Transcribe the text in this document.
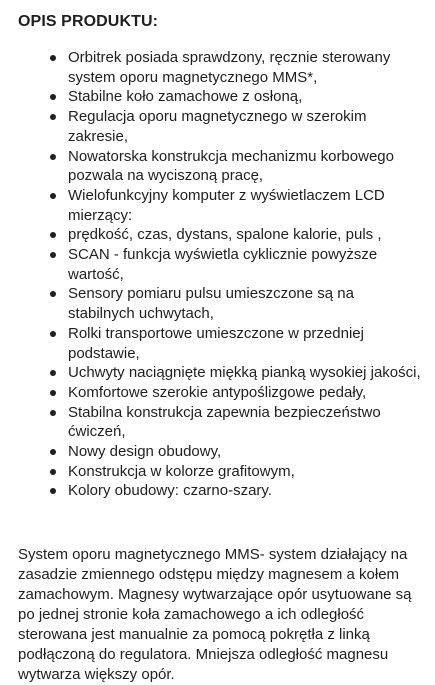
OPIS PRODUKTU:
Orbitrek posiada sprawdzony, ręcznie sterowany system oporu magnetycznego MMS*,
Stabilne koło zamachowe z osłoną,
Regulacja oporu magnetycznego w szerokim zakresie,
Nowatorska konstrukcja mechanizmu korbowego pozwala na wyciszoną pracę,
Wielofunkcyjny komputer z wyświetlaczem LCD mierzący:
prędkość, czas, dystans, spalone kalorie, puls ,
SCAN - funkcja wyświetla cyklicznie powyższe wartość,
Sensory pomiaru pulsu umieszczone są na stabilnych uchwytach,
Rolki transportowe umieszczone w przedniej podstawie,
Uchwyty naciągnięte miękką pianką wysokiej jakości,
Komfortowe szerokie antypoślizgowe pedały,
Stabilna konstrukcja zapewnia bezpieczeństwo ćwiczeń,
Nowy design obudowy,
Konstrukcja w kolorze grafitowym,
Kolory obudowy: czarno-szary.

System oporu magnetycznego MMS- system działający na zasadzie zmiennego odstępu między magnesem a kołem zamachowym. Magnesy wytwarzające opór usytuowane są po jednej stronie koła zamachowego a ich odległość sterowana jest manualnie za pomocą pokrętła z linką podłączoną do regulatora. Mniejsza odległość magnesu wytwarza większy opór.
